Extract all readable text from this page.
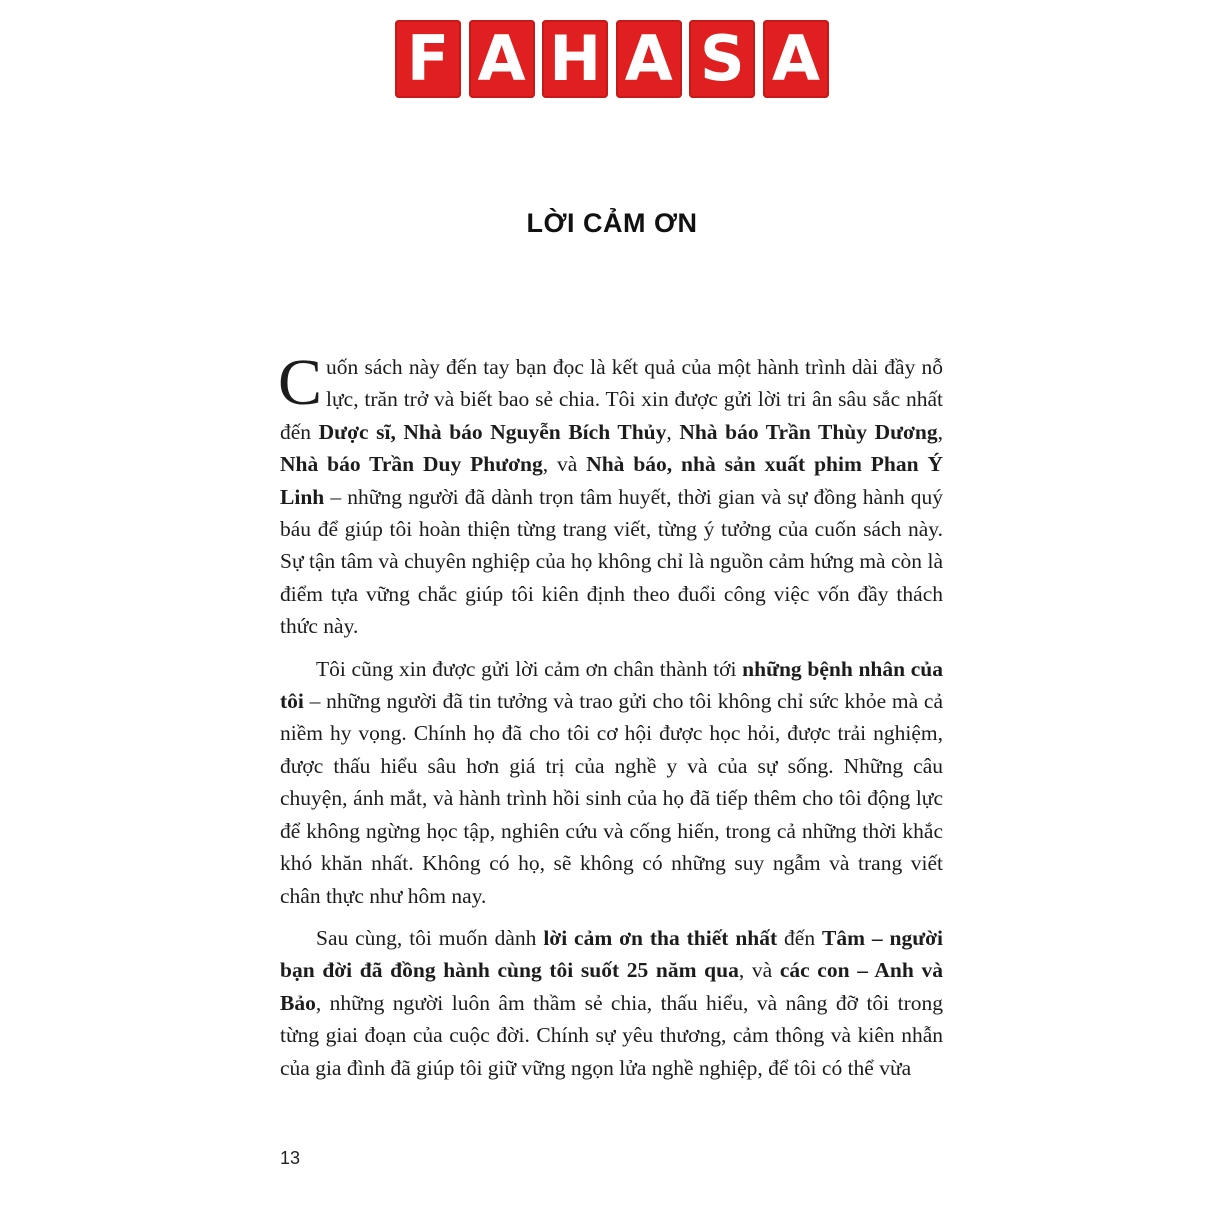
F A H A S A
LỜI CẢM ƠN

Cuốn sách này đến tay bạn đọc là kết quả của một hành trình dài đầy nỗ lực, trăn trở và biết bao sẻ chia. Tôi xin được gửi lời tri ân sâu sắc nhất đến Dược sĩ, Nhà báo Nguyễn Bích Thủy, Nhà báo Trần Thùy Dương, Nhà báo Trần Duy Phương, và Nhà báo, nhà sản xuất phim Phan Ý Linh – những người đã dành trọn tâm huyết, thời gian và sự đồng hành quý báu để giúp tôi hoàn thiện từng trang viết, từng ý tưởng của cuốn sách này. Sự tận tâm và chuyên nghiệp của họ không chỉ là nguồn cảm hứng mà còn là điểm tựa vững chắc giúp tôi kiên định theo đuổi công việc vốn đầy thách thức này.

Tôi cũng xin được gửi lời cảm ơn chân thành tới những bệnh nhân của tôi – những người đã tin tưởng và trao gửi cho tôi không chỉ sức khỏe mà cả niềm hy vọng. Chính họ đã cho tôi cơ hội được học hỏi, được trải nghiệm, được thấu hiểu sâu hơn giá trị của nghề y và của sự sống. Những câu chuyện, ánh mắt, và hành trình hồi sinh của họ đã tiếp thêm cho tôi động lực để không ngừng học tập, nghiên cứu và cống hiến, trong cả những thời khắc khó khăn nhất. Không có họ, sẽ không có những suy ngẫm và trang viết chân thực như hôm nay.

Sau cùng, tôi muốn dành lời cảm ơn tha thiết nhất đến Tâm – người bạn đời đã đồng hành cùng tôi suốt 25 năm qua, và các con – Anh và Bảo, những người luôn âm thầm sẻ chia, thấu hiểu, và nâng đỡ tôi trong từng giai đoạn của cuộc đời. Chính sự yêu thương, cảm thông và kiên nhẫn của gia đình đã giúp tôi giữ vững ngọn lửa nghề nghiệp, để tôi có thể vừa

13
